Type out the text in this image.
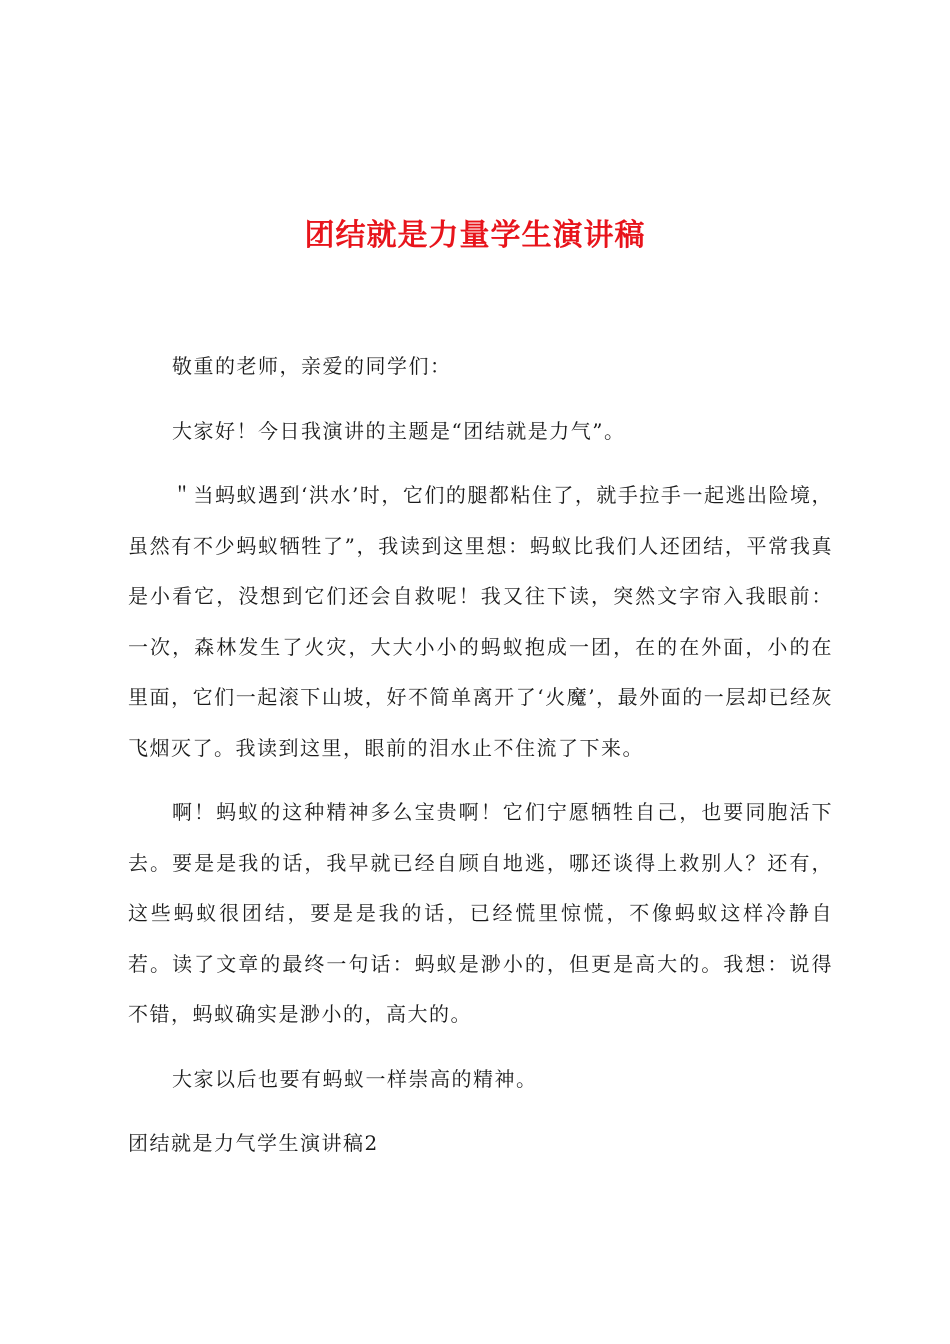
团结就是力量学生演讲稿

敬重的老师，亲爱的同学们：

大家好！今日我演讲的主题是“团结就是力气”。

＂当蚂蚁遇到‘洪水’时，它们的腿都粘住了，就手拉手一起逃出险境，虽然有不少蚂蚁牺牲了”，我读到这里想：蚂蚁比我们人还团结，平常我真是小看它，没想到它们还会自救呢！我又往下读，突然文字帘入我眼前：一次，森林发生了火灾，大大小小的蚂蚁抱成一团，在的在外面，小的在里面，它们一起滚下山坡，好不简单离开了‘火魔’，最外面的一层却已经灰飞烟灭了。我读到这里，眼前的泪水止不住流了下来。

啊！蚂蚁的这种精神多么宝贵啊！它们宁愿牺牲自己，也要同胞活下去。要是是我的话，我早就已经自顾自地逃，哪还谈得上救别人？还有，这些蚂蚁很团结，要是是我的话，已经慌里惊慌，不像蚂蚁这样冷静自若。读了文章的最终一句话：蚂蚁是渺小的，但更是高大的。我想：说得不错，蚂蚁确实是渺小的，高大的。

大家以后也要有蚂蚁一样崇高的精神。

团结就是力气学生演讲稿2
